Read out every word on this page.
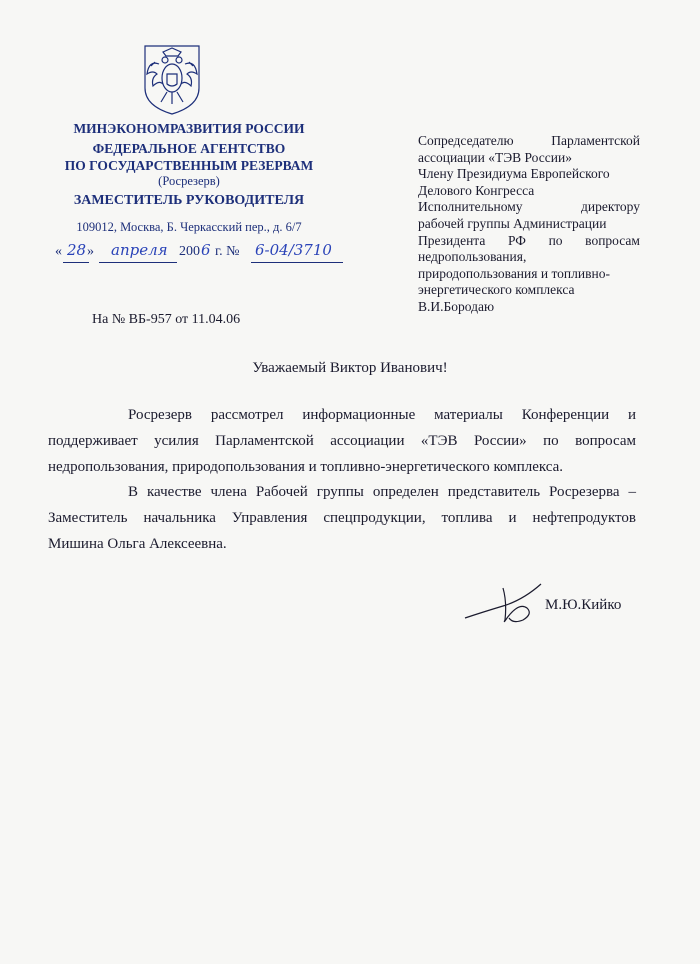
МИНЭКОНОМРАЗВИТИЯ РОССИИ
ФЕДЕРАЛЬНОЕ АГЕНТСТВО
ПО ГОСУДАРСТВЕННЫМ РЕЗЕРВАМ
(Росрезерв)
ЗАМЕСТИТЕЛЬ РУКОВОДИТЕЛЯ
109012, Москва, Б. Черкасский пер., д. 6/7
« 28 » апреля 200 6 г. № 6-04/3710
Сопредседателю	Парламентской
ассоциации «ТЭВ России»
Члену Президиума Европейского
Делового Конгресса
Исполнительному	директору
рабочей группы Администрации
Президента РФ по вопросам
недропользования,
природопользования и топливно-
энергетического комплекса
В.И.Бородаю
На № ВБ-957 от 11.04.06
Уважаемый Виктор Иванович!
Росрезерв рассмотрел информационные материалы Конференции и
поддерживает усилия Парламентской ассоциации «ТЭВ России» по вопросам
недропользования, природопользования и топливно-энергетического комплекса.
В качестве члена Рабочей группы определен представитель Росрезерва –
Заместитель начальника Управления спецпродукции, топлива и нефтепродуктов
Мишина Ольга Алексеевна.
М.Ю.Кийко
